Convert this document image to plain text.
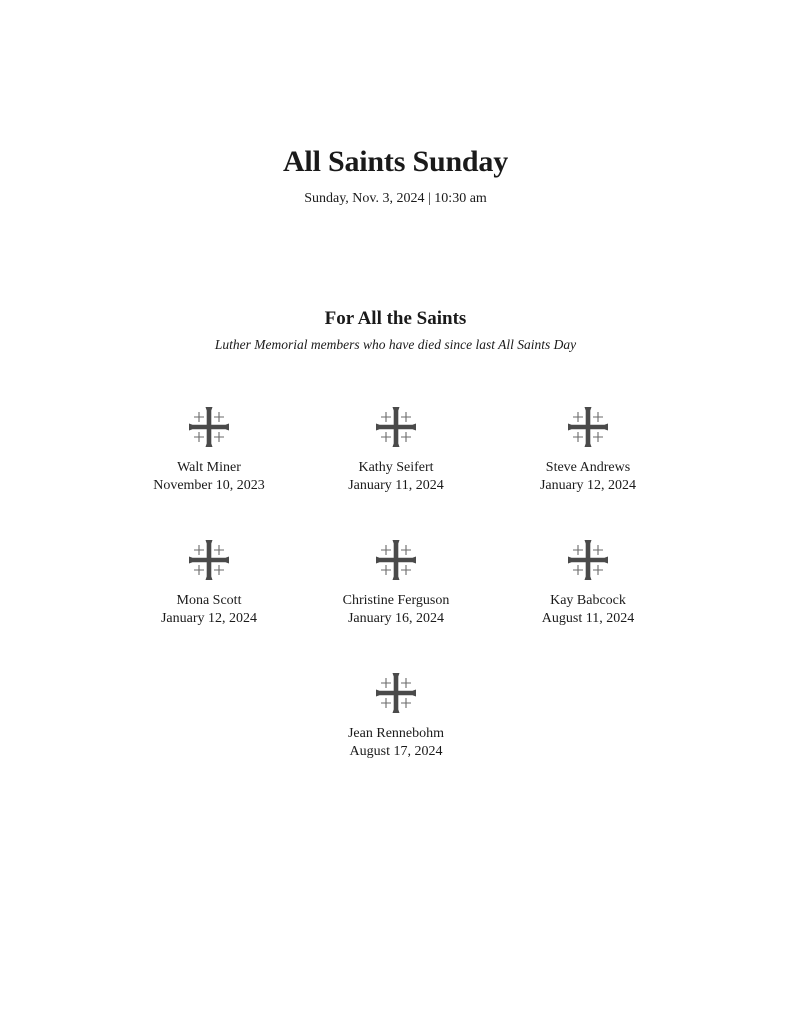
All Saints Sunday
Sunday, Nov. 3, 2024 | 10:30 am
For All the Saints
Luther Memorial members who have died since last All Saints Day
Walt Miner
November 10, 2023
Kathy Seifert
January 11, 2024
Steve Andrews
January 12, 2024
Mona Scott
January 12, 2024
Christine Ferguson
January 16, 2024
Kay Babcock
August 11, 2024
Jean Rennebohm
August 17, 2024
